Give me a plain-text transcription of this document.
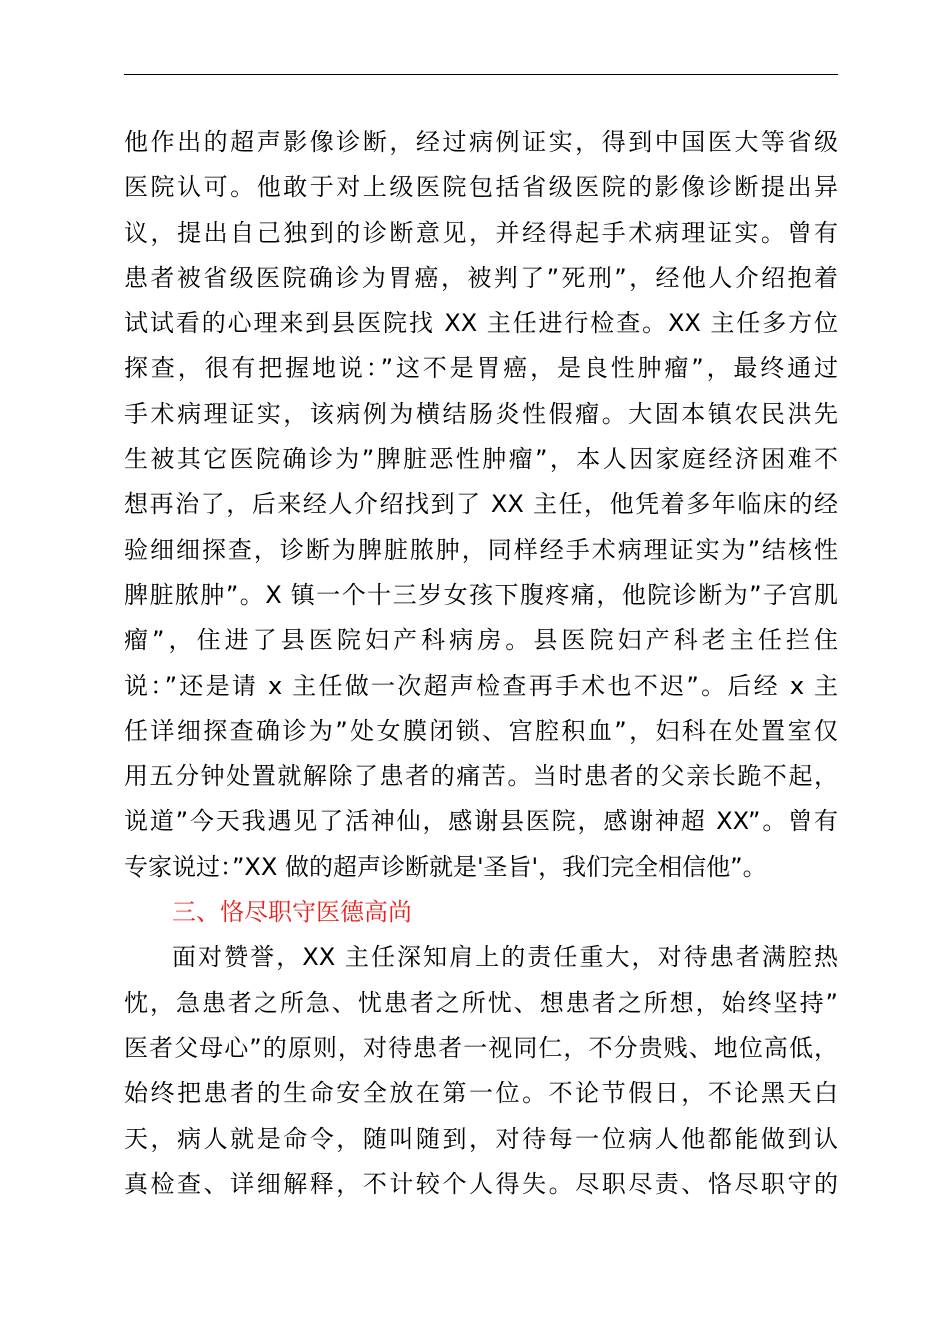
他作出的超声影像诊断，经过病例证实，得到中国医大等省级
医院认可。他敢于对上级医院包括省级医院的影像诊断提出异
议，提出自己独到的诊断意见，并经得起手术病理证实。曾有
患者被省级医院确诊为胃癌，被判了”死刑”，经他人介绍抱着
试试看的心理来到县医院找 XX 主任进行检查。XX 主任多方位
探查，很有把握地说：”这不是胃癌，是良性肿瘤”，最终通过
手术病理证实，该病例为横结肠炎性假瘤。大固本镇农民洪先
生被其它医院确诊为”脾脏恶性肿瘤”，本人因家庭经济困难不
想再治了，后来经人介绍找到了 XX 主任，他凭着多年临床的经
验细细探查，诊断为脾脏脓肿，同样经手术病理证实为”结核性
脾脏脓肿”。X 镇一个十三岁女孩下腹疼痛，他院诊断为”子宫肌
瘤”，住进了县医院妇产科病房。县医院妇产科老主任拦住
说：”还是请 x 主任做一次超声检查再手术也不迟”。后经 x 主
任详细探查确诊为”处女膜闭锁、宫腔积血”，妇科在处置室仅
用五分钟处置就解除了患者的痛苦。当时患者的父亲长跪不起，
说道”今天我遇见了活神仙，感谢县医院，感谢神超 XX”。曾有
专家说过：”XX 做的超声诊断就是'圣旨'，我们完全相信他”。
三、恪尽职守医德高尚
面对赞誉，XX 主任深知肩上的责任重大，对待患者满腔热
忱，急患者之所急、忧患者之所忧、想患者之所想，始终坚持”
医者父母心”的原则，对待患者一视同仁，不分贵贱、地位高低，
始终把患者的生命安全放在第一位。不论节假日，不论黑天白
天，病人就是命令，随叫随到，对待每一位病人他都能做到认
真检查、详细解释，不计较个人得失。尽职尽责、恪尽职守的
